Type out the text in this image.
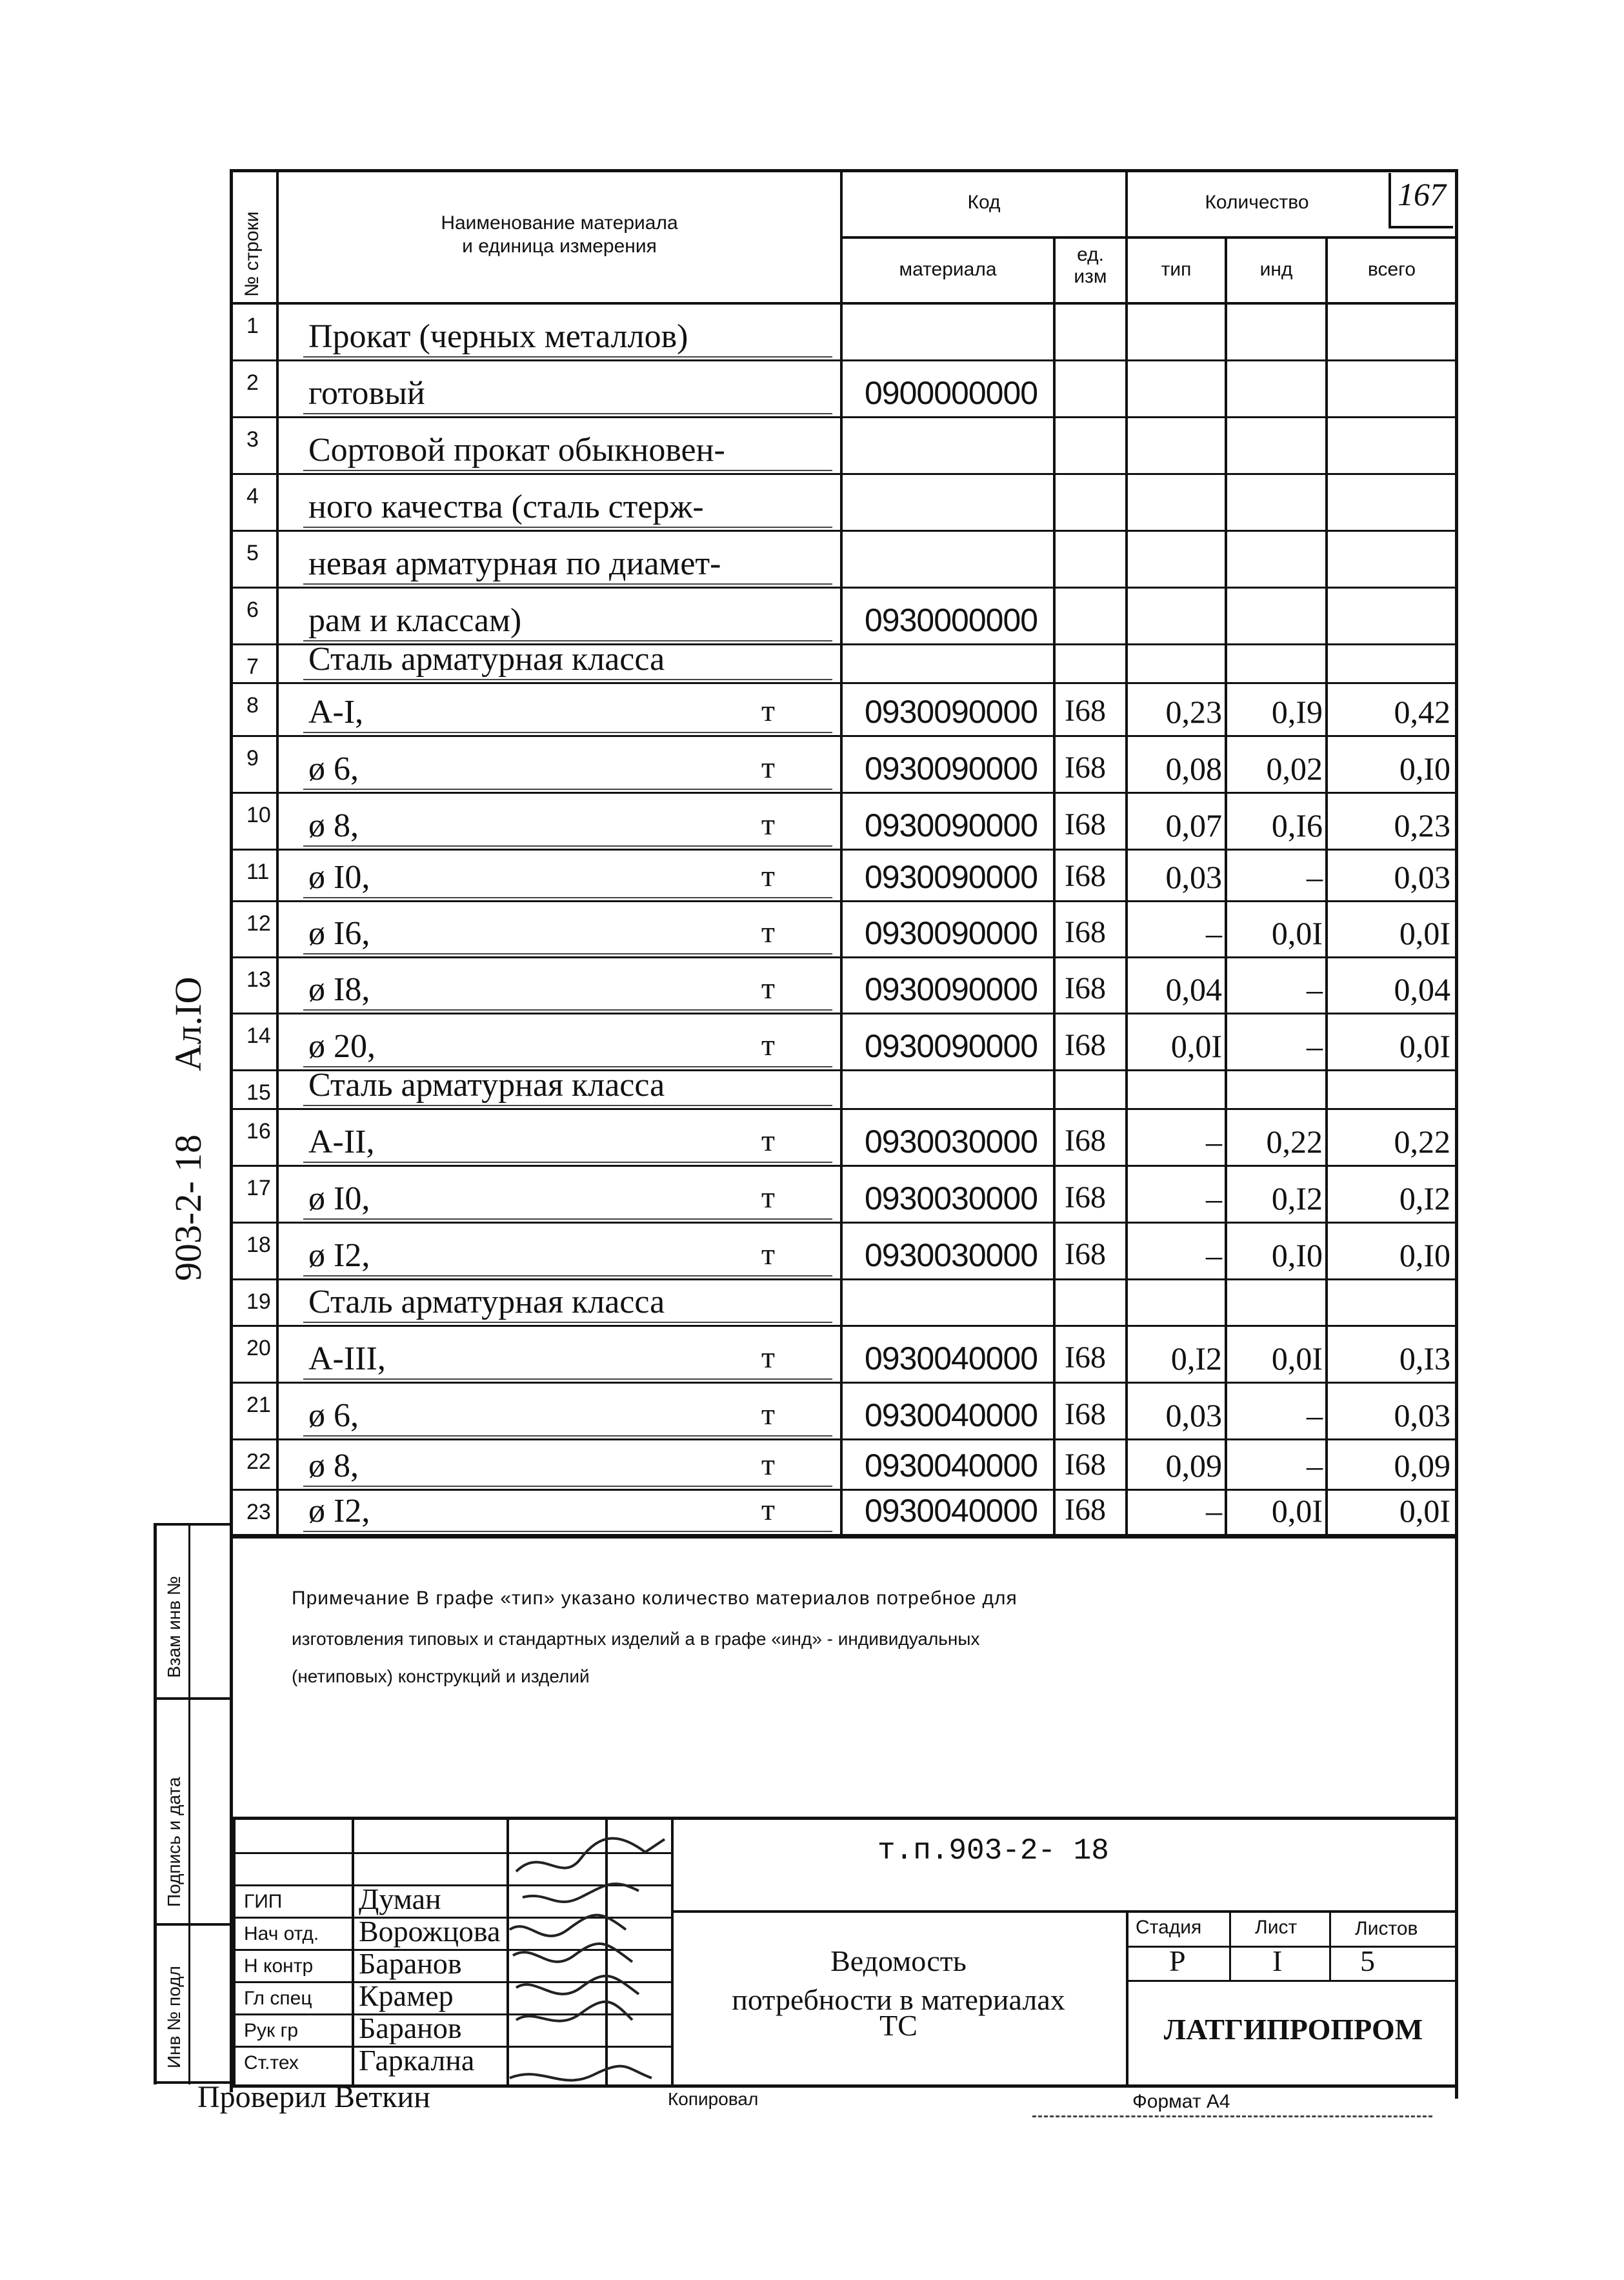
167
903-2- 18
Ал.IО
№ строки	Наименование материала
и единица измерения
Код	Количество
материала
ед.
изм	тип	инд	всего
1 Прокат (черных металлов)
2 готовый	0900000000
3 Сортовой прокат обыкновен-
4 ного качества (сталь стерж-
5 невая арматурная по диамет-
6 рам и классам)	0930000000
7 Сталь арматурная класса
8 А-I,	т	0930090000 I68	0,23	0,I9	0,42
9 ø 6,	т	0930090000 I68	0,08	0,02	0,I0
10 ø 8,	т	0930090000 I68	0,07	0,I6	0,23
11 ø I0,	т	0930090000 I68	0,03	–	0,03
12 ø I6,	т	0930090000 I68	–	0,0I	0,0I
13 ø I8,	т	0930090000 I68	0,04	–	0,04
14 ø 20,	т	0930090000 I68	0,0I	–	0,0I
15 Сталь арматурная класса
16 А-II,	т	0930030000 I68	–	0,22	0,22
17 ø I0,	т	0930030000 I68	–	0,I2	0,I2
18 ø I2,	т	0930030000 I68	–	0,I0	0,I0
19 Сталь арматурная класса
20 А-III,	т	0930040000 I68	0,I2	0,0I	0,I3
21 ø 6,	т	0930040000 I68	0,03	–	0,03
22 ø 8,	т	0930040000 I68	0,09	–	0,09
23 ø I2,	т	0930040000 I68	–	0,0I	0,0I
Примечание В графе «тип» указано количество материалов потребное для
изготовления типовых и стандартных изделий а в графе «инд» - индивидуальных
(нетиповых) конструкций и изделий
Взам инв №
Подпись и дата
Инв № подл
т.п.903-2- 18
ГИП	Думан
Нач отд. Ворожцова
Н контр Баранов
Гл спец Крамер
Рук гр Баранов
Ст.тех Гаркална
Ведомость
потребности в материалах
ТС
Стадия	Лист	Листов
Р	I	5
ЛАТГИПРОПРОМ
Проверил Веткин	Копировал	Формат А4
